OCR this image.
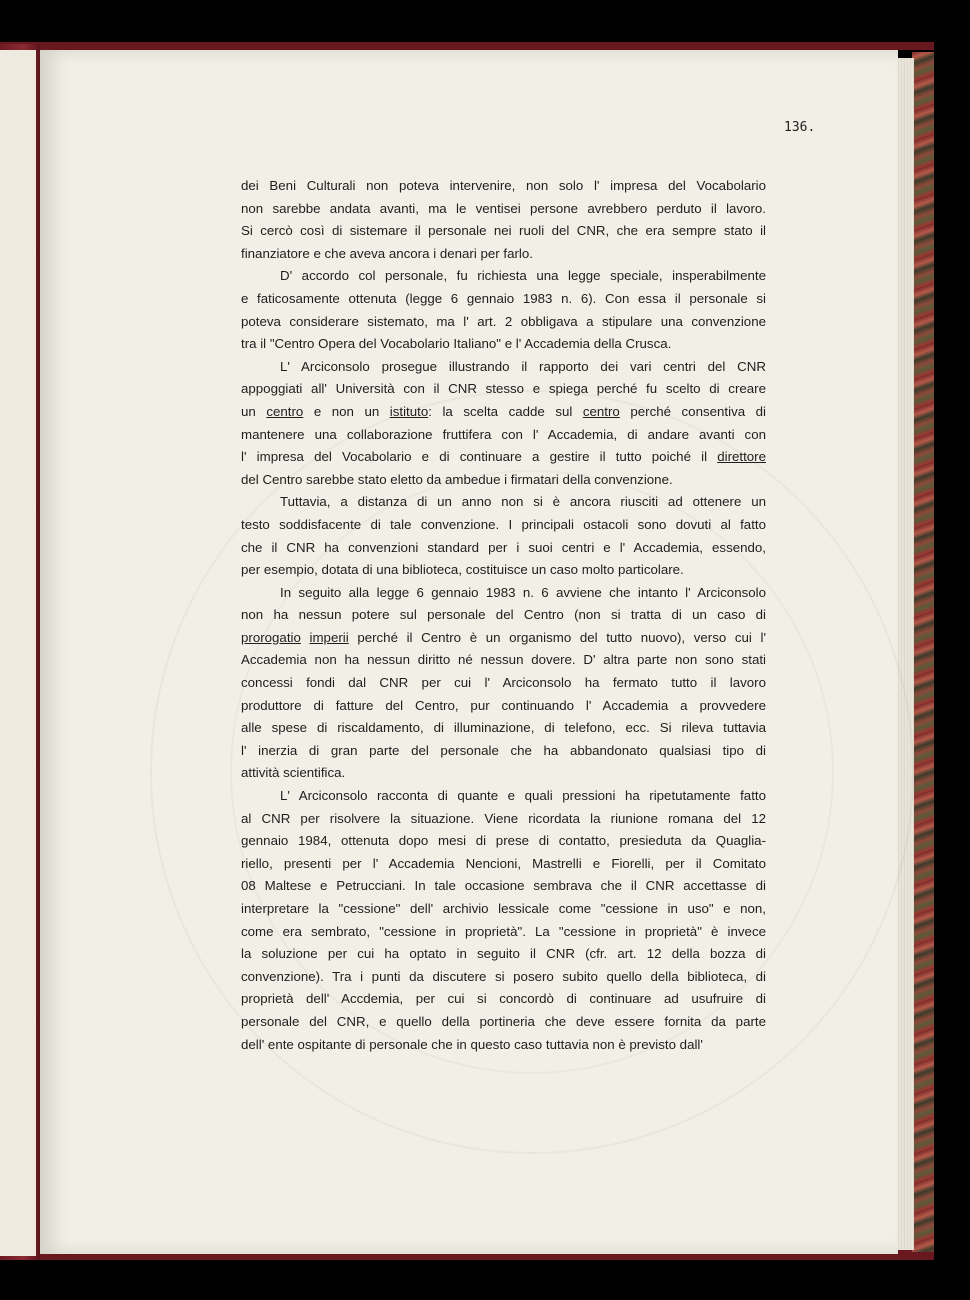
136.
dei Beni Culturali non poteva intervenire, non solo l' impresa del Vocabolario
non sarebbe andata avanti, ma le ventisei persone avrebbero perduto il lavoro.
Si cercò così di sistemare il personale nei ruoli del CNR, che era sempre stato il
finanziatore e che aveva ancora i denari per farlo.
D' accordo col personale, fu richiesta una legge speciale, insperabilmente
e faticosamente ottenuta (legge 6 gennaio 1983 n. 6). Con essa il personale si
poteva considerare sistemato, ma l' art. 2 obbligava a stipulare una convenzione
tra il "Centro Opera del Vocabolario Italiano" e l' Accademia della Crusca.
L' Arciconsolo prosegue illustrando il rapporto dei vari centri del CNR
appoggiati all' Università con il CNR stesso e spiega perché fu scelto di creare
un centro e non un istituto: la scelta cadde sul centro perché consentiva di
mantenere una collaborazione fruttifera con l' Accademia, di andare avanti con
l' impresa del Vocabolario e di continuare a gestire il tutto poiché il direttore
del Centro sarebbe stato eletto da ambedue i firmatari della convenzione.
Tuttavia, a distanza di un anno non si è ancora riusciti ad ottenere un
testo soddisfacente di tale convenzione. I principali ostacoli sono dovuti al fatto
che il CNR ha convenzioni standard per i suoi centri e l' Accademia, essendo,
per esempio, dotata di una biblioteca, costituisce un caso molto particolare.
In seguito alla legge 6 gennaio 1983 n. 6 avviene che intanto l' Arciconsolo
non ha nessun potere sul personale del Centro (non si tratta di un caso di
prorogatio imperii perché il Centro è un organismo del tutto nuovo), verso cui l'
Accademia non ha nessun diritto né nessun dovere. D' altra parte non sono stati
concessi fondi dal CNR per cui l' Arciconsolo ha fermato tutto il lavoro
produttore di fatture del Centro, pur continuando l' Accademia a provvedere
alle spese di riscaldamento, di illuminazione, di telefono, ecc. Si rileva tuttavia
l' inerzia di gran parte del personale che ha abbandonato qualsiasi tipo di
attività scientifica.
L' Arciconsolo racconta di quante e quali pressioni ha ripetutamente fatto
al CNR per risolvere la situazione. Viene ricordata la riunione romana del 12
gennaio 1984, ottenuta dopo mesi di prese di contatto, presieduta da Quaglia-
riello, presenti per l' Accademia Nencioni, Mastrelli e Fiorelli, per il Comitato
08 Maltese e Petrucciani. In tale occasione sembrava che il CNR accettasse di
interpretare la "cessione" dell' archivio lessicale come "cessione in uso" e non,
come era sembrato, "cessione in proprietà". La "cessione in proprietà" è invece
la soluzione per cui ha optato in seguito il CNR (cfr. art. 12 della bozza di
convenzione). Tra i punti da discutere si posero subito quello della biblioteca, di
proprietà dell' Accdemia, per cui si concordò di continuare ad usufruire di
personale del CNR, e quello della portineria che deve essere fornita da parte
dell' ente ospitante di personale che in questo caso tuttavia non è previsto dall'
